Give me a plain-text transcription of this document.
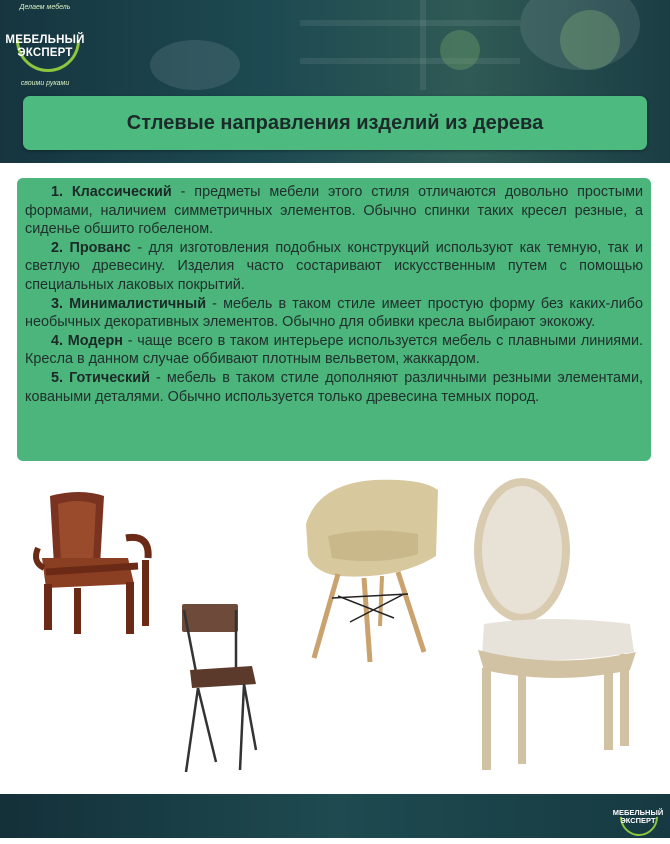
Делаем мебель
МЕБЕЛЬНЫЙ
ЭКСПЕРТ
своими руками
Стлевые направления изделий из дерева

1. Классический - предметы мебели этого стиля отличаются довольно простыми формами, наличием симметричных элементов. Обычно спинки таких кресел резные, а сиденье обшито гобеленом.

2. Прованс - для изготовления подобных конструкций используют как темную, так и светлую древесину. Изделия часто состаривают искусственным путем с помощью специальных лаковых покрытий.

3. Минималистичный - мебель в таком стиле имеет простую форму без каких-либо необычных декоративных элементов. Обычно для обивки кресла выбирают экокожу.

4. Модерн - чаще всего в таком интерьере используется мебель с плавными линиями. Кресла в данном случае оббивают плотным вельветом, жаккардом.

5. Готический - мебель в таком стиле дополняют различными резными элементами, коваными деталями. Обычно используется только древесина темных пород.

МЕБЕЛЬНЫЙ
ЭКСПЕРТ
